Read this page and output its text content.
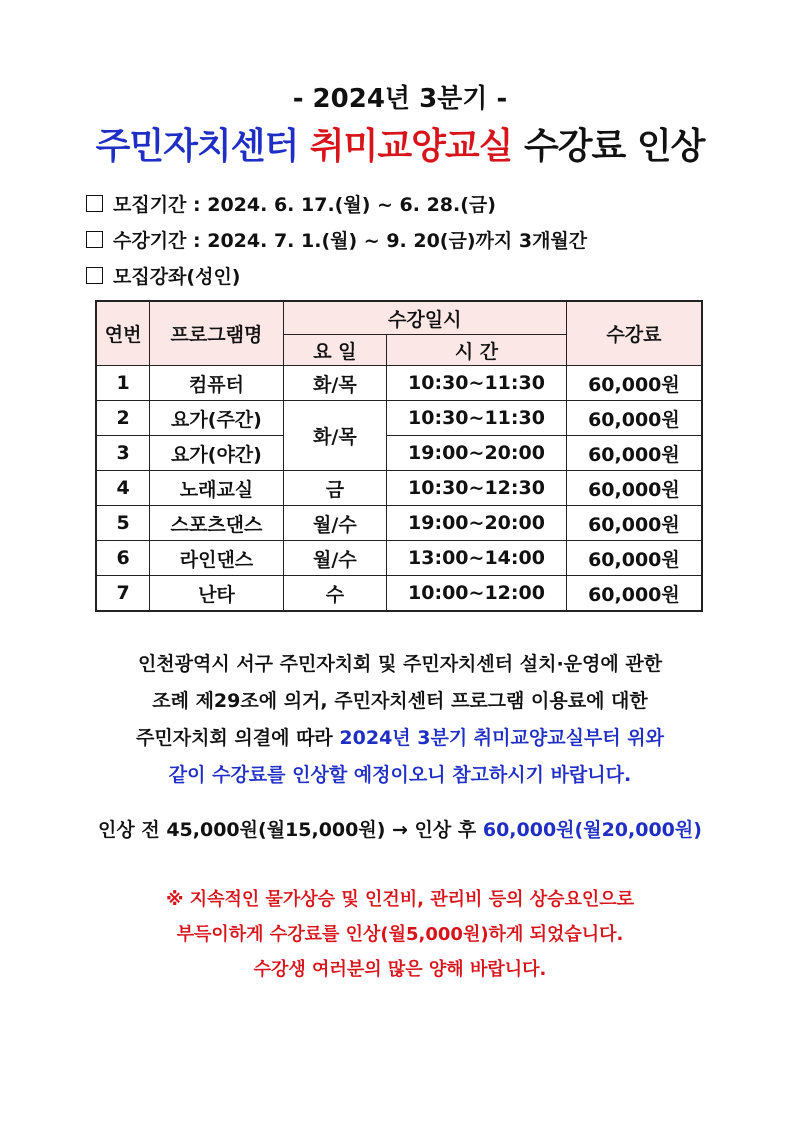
- 2024년 3분기 -
주민자치센터 취미교양교실 수강료 인상
모집기간 : 2024. 6. 17.(월) ~ 6. 28.(금)
수강기간 : 2024. 7. 1.(월) ~ 9. 20(금)까지 3개월간
모집강좌(성인)
연번	프로그램명	수강일시		수강료
		요 일	시 간	
1	컴퓨터	화/목	10:30~11:30	60,000원
2	요가(주간)	화/목	10:30~11:30	60,000원
3	요가(야간)		19:00~20:00	60,000원
4	노래교실	금	10:30~12:30	60,000원
5	스포츠댄스	월/수	19:00~20:00	60,000원
6	라인댄스	월/수	13:00~14:00	60,000원
7	난타	수	10:00~12:00	60,000원
인천광역시 서구 주민자치회 및 주민자치센터 설치·운영에 관한
조례 제29조에 의거, 주민자치센터 프로그램 이용료에 대한
주민자치회 의결에 따라 2024년 3분기 취미교양교실부터 위와
같이 수강료를 인상할 예정이오니 참고하시기 바랍니다.
인상 전 45,000원(월15,000원) → 인상 후 60,000원(월20,000원)
※ 지속적인 물가상승 및 인건비, 관리비 등의 상승요인으로
부득이하게 수강료를 인상(월5,000원)하게 되었습니다.
수강생 여러분의 많은 양해 바랍니다.
